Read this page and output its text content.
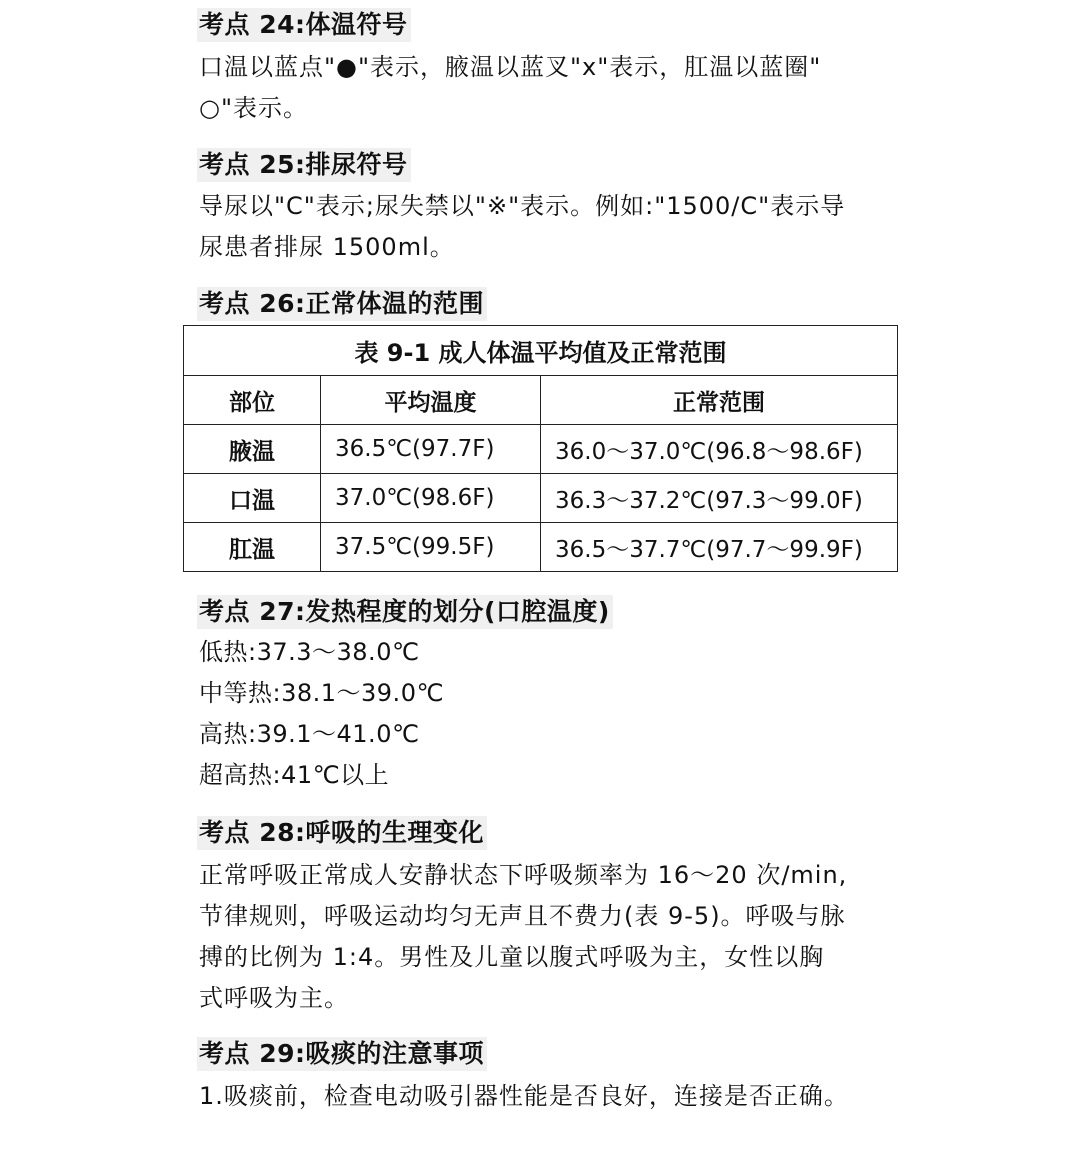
考点 24:体温符号

口温以蓝点"●"表示，腋温以蓝叉"x"表示，肛温以蓝圈"
○"表示。

考点 25:排尿符号

导尿以"C"表示;尿失禁以"※"表示。例如:"1500/C"表示导
尿患者排尿 1500ml。

考点 26:正常体温的范围
表 9-1 成人体温平均值及正常范围		
部位	平均温度	正常范围
腋温	36.5℃(97.7F)	36.0～37.0℃(96.8～98.6F)
口温	37.0℃(98.6F)	36.3～37.2℃(97.3～99.0F)
肛温	37.5℃(99.5F)	36.5～37.7℃(97.7～99.9F)
考点 27:发热程度的划分(口腔温度)
低热:37.3～38.0℃
中等热:38.1～39.0℃
高热:39.1～41.0℃
超高热:41℃以上
考点 28:呼吸的生理变化

正常呼吸正常成人安静状态下呼吸频率为 16～20 次/min,
节律规则，呼吸运动均匀无声且不费力(表 9-5)。呼吸与脉
搏的比例为 1:4。男性及儿童以腹式呼吸为主，女性以胸
式呼吸为主。

考点 29:吸痰的注意事项

1.吸痰前，检查电动吸引器性能是否良好，连接是否正确。
